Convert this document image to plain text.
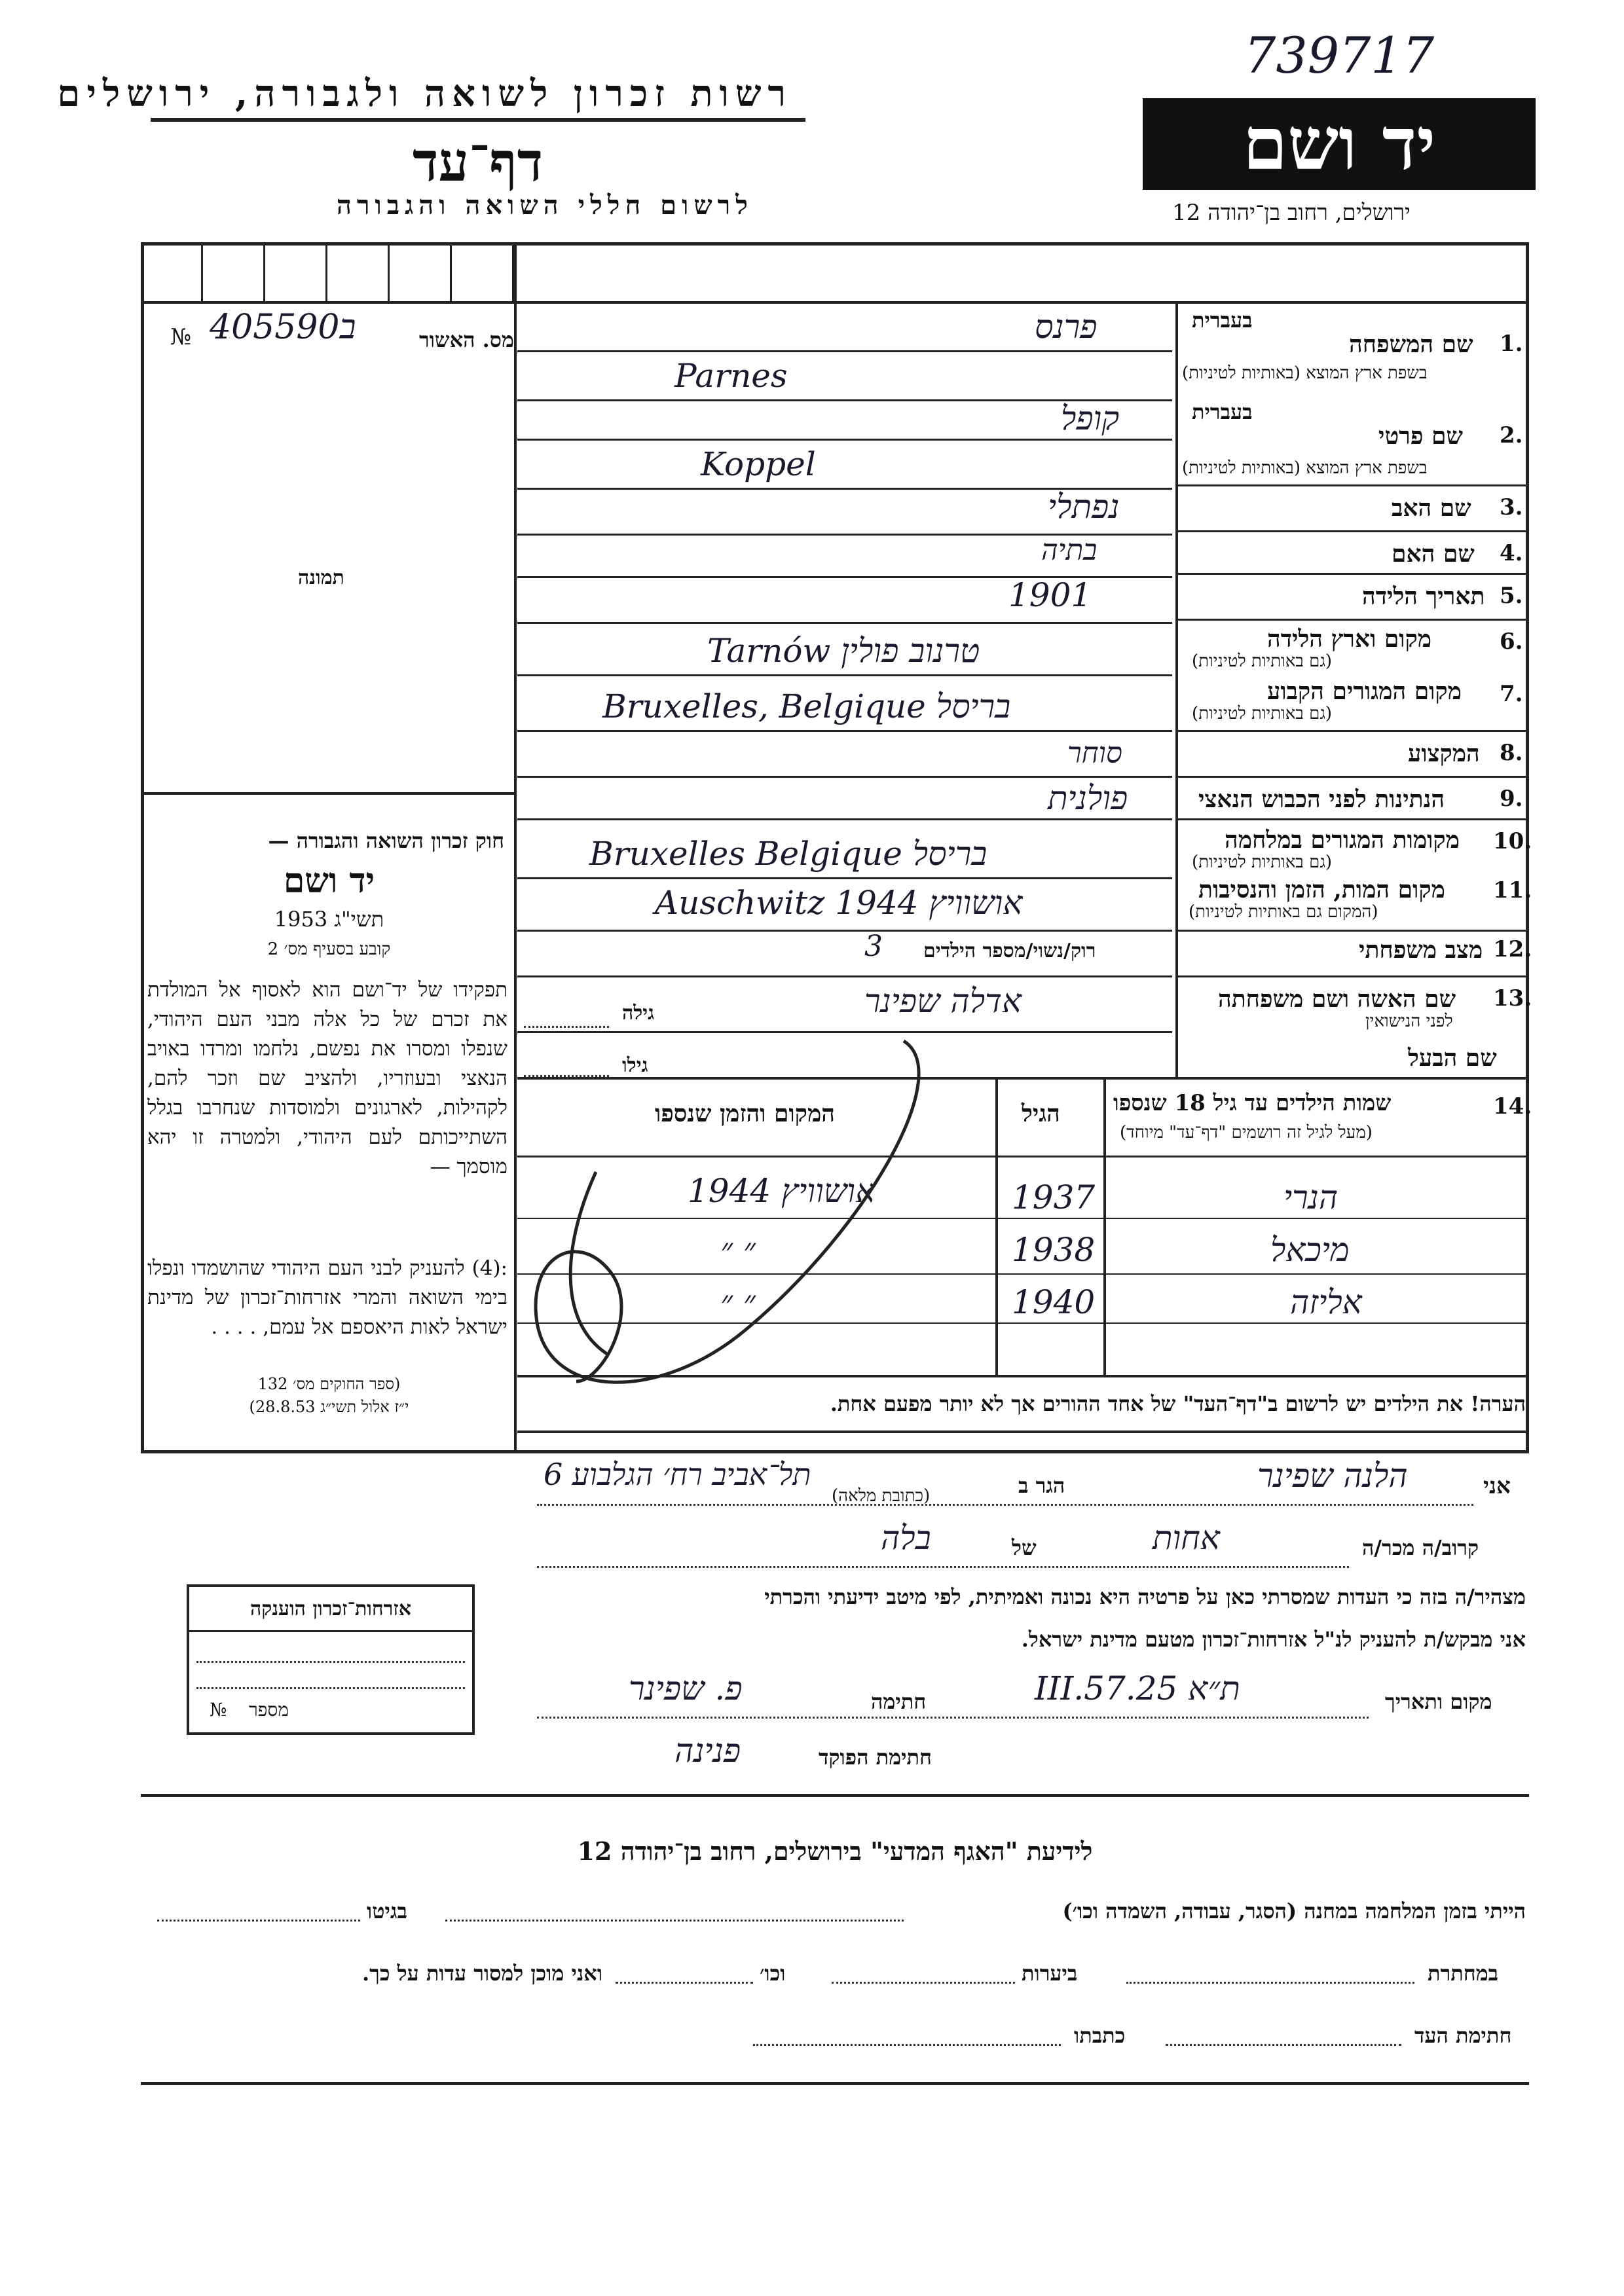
739717
רשות זכרון לשואה ולגבורה, ירושלים
דף־עד
לרשום חללי השואה והגבורה
יד ושם
ירושלים, רחוב בן־יהודה 12
№ ב405590	מס. האשור
תמונה
חוק זכרון השואה והגבורה —
יד ושם
תשי"ג 1953
קובע בסעיף מס׳ 2
תפקידו של יד־ושם הוא לאסוף אל המולדת את זכרם של כל אלה מבני העם היהודי, שנפלו ומסרו את נפשם, נלחמו ומרדו באויב הנאצי ובעוזריו, ולהציב שם וזכר להם, לקהילות, לארגונים ולמוסדות שנחרבו בגלל השתייכותם לעם היהודי, ולמטרה זו יהא מוסמך —
:(4) להעניק לבני העם היהודי שהושמדו ונפלו בימי השואה והמרי אזרחות־זכרון של מדינת ישראל לאות היאספם אל עמם, . . . .
(ספר החוקים מס׳ 132
י״ז אלול תשי״ג 28.8.53)
1.
שם המשפחה
בעברית
בשפת ארץ המוצא (באותיות לטיניות)
פרנס
Parnes
2.
שם פרטי
בעברית
בשפת ארץ המוצא (באותיות לטיניות)
קופל
Koppel
3.
שם האב
נפתלי
4.
שם האם
בתיה
5.
תאריך הלידה
1901
6.
מקום וארץ הלידה
(גם באותיות לטיניות)
טרנוב פולין Tarnów
7.
מקום המגורים הקבוע
(גם באותיות לטיניות)
בריסל Bruxelles, Belgique
8.
המקצוע
סוחר
9.
הנתינות לפני הכבוש הנאצי
פולנית
10.
מקומות המגורים במלחמה
(גם באותיות לטיניות)
בריסל Bruxelles Belgique
11.
מקום המות, הזמן והנסיבות
(המקום גם באותיות לטיניות)
אושוויץ Auschwitz 1944
12.
מצב משפחתי
רוק/נשוי/מספר הילדים
3
13.
שם האשה ושם משפחתה
לפני הנישואין
אדלה שפינר
גילה
שם הבעל
גילו
14.
שמות הילדים עד גיל 18 שנספו
(מעל לגיל זה רושמים "דף־עד" מיוחד)
הגיל
המקום והזמן שנספו
הנרי
1937
אושוויץ 1944
מיכאל
1938
״ ״
אליזה
1940
״ ״
הערה! את הילדים יש לרשום ב"דף־העד" של אחד ההורים אך לא יותר מפעם אחת.
אני
הלנה שפינר
הגר ב
תל־אביב רח׳ הגלבוע 6
(כתובת מלאה)
קרוב/ה מכר/ה
אחות
של
בלה
מצהיר/ה בזה כי העדות שמסרתי כאן על פרטיה היא נכונה ואמיתית, לפי מיטב ידיעתי והכרתי
אני מבקש/ת להעניק לנ"ל אזרחות־זכרון מטעם מדינת ישראל.
מקום ותאריך
ת״א 25.III.57
חתימה
פ. שפינר
חתימת הפוקד
פנינה
אזרחות־זכרון הוענקה
מספר
№
לידיעת "האגף המדעי" בירושלים, רחוב בן־יהודה 12
הייתי בזמן המלחמה במחנה (הסגר, עבודה, השמדה וכו׳)
בגיטו
במחתרת
ביערות
וכו׳
ואני מוכן למסור עדות על כך.
חתימת העד
כתבתו
